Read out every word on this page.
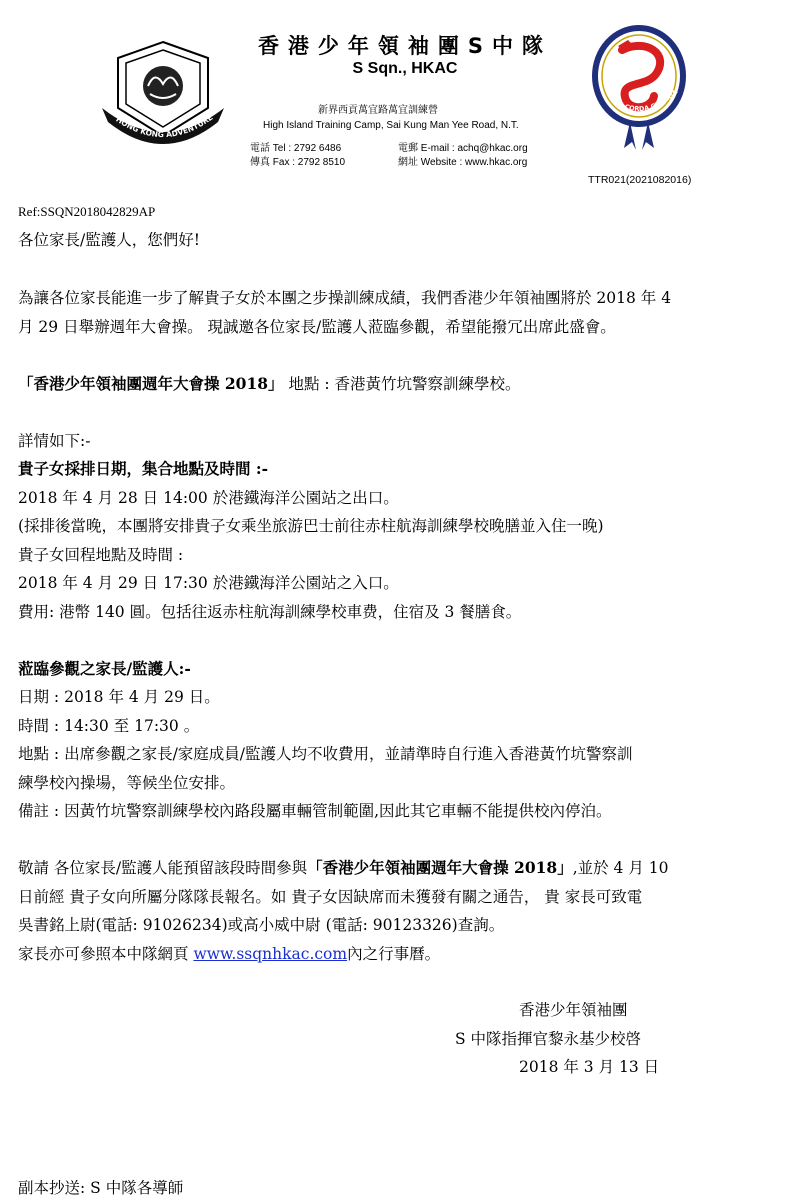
HONG KONG ADVENTURE
香港少年領袖團S中隊
S Sqn., HKAC
新界西貢萬宜路萬宜訓練營
High Island Training Camp, Sai Kung Man Yee Road, N.T.
電話 Tel : 2792 6486	電郵 E-mail : achq@hkac.org
傳真 Fax : 2792 8510	網址 Website : www.hkac.org
PER CORDA CHORDA
TTR021(2021082016)
Ref:SSQN2018042829AP
各位家長/監護人，您們好!
為讓各位家長能進一步了解貴子女於本團之步操訓練成績，我們香港少年領袖團將於 2018 年 4
月 29 日舉辦週年大會操。 現誠邀各位家長/監護人蒞臨參觀，希望能撥冗出席此盛會。
「香港少年領袖團週年大會操 2018」 地點 : 香港黃竹坑警察訓練學校。
詳情如下:-
貴子女採排日期，集合地點及時間 :-
2018 年 4 月 28 日 14:00 於港鐵海洋公園站之出口。
(採排後當晚，本團將安排貴子女乘坐旅游巴士前往赤柱航海訓練學校晚膳並入住一晚)
貴子女回程地點及時間 :
2018 年 4 月 29 日 17:30 於港鐵海洋公園站之入口。
費用: 港幣 140 圓。包括往返赤柱航海訓練學校車费，住宿及 3 餐膳食。
蒞臨參觀之家長/監護人:-
日期 : 2018 年 4 月 29 日。
時間 : 14:30 至 17:30 。
地點 : 出席參觀之家長/家庭成員/監護人均不收費用，並請準時自行進入香港黃竹坑警察訓
練學校內操場，等候坐位安排。
備註 : 因黃竹坑警察訓練學校內路段屬車輛管制範圍,因此其它車輛不能提供校內停泊。
敬請 各位家長/監護人能預留該段時間參與「香港少年領袖團週年大會操 2018」,並於 4 月 10
日前經 貴子女向所屬分隊隊長報名。如 貴子女因缺席而未獲發有關之通告， 貴 家長可致電
吳書銘上尉(電話: 91026234)或高小威中尉 (電話: 90123326)查詢。
家長亦可參照本中隊網頁 www.ssqnhkac.com內之行事曆。
香港少年領袖團
S 中隊指揮官黎永基少校啓
2018 年 3 月 13 日
副本抄送: S 中隊各導師
